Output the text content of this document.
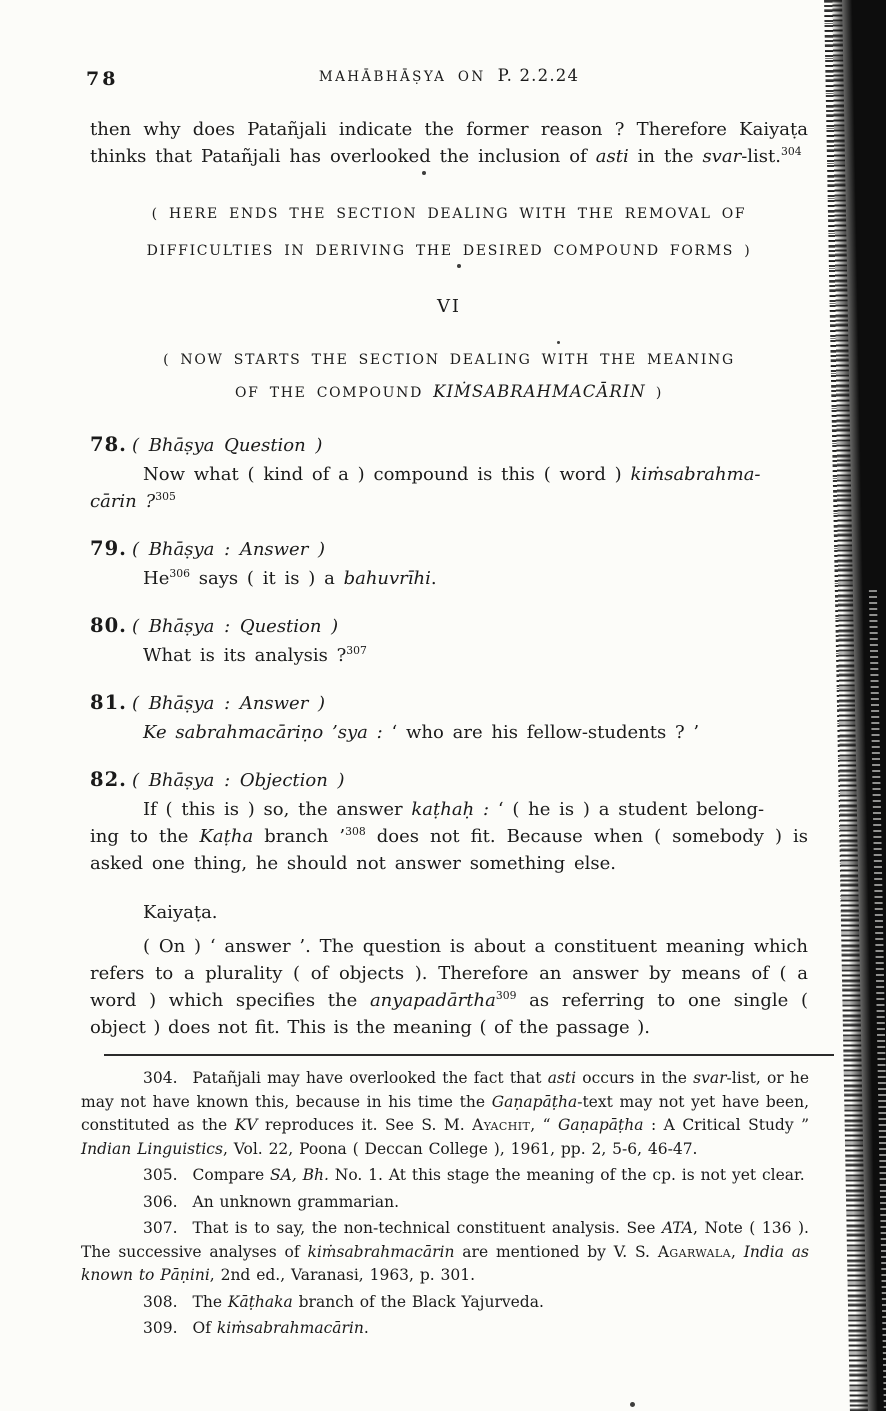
78	MAHĀBHĀṢYA ON P. 2.2.24

then why does Patañjali indicate the former reason ? Therefore Kaiyaṭa thinks that Patañjali has overlooked the inclusion of asti in the svar-list.$^{304}$

( HERE ENDS THE SECTION DEALING WITH THE REMOVAL OF
DIFFICULTIES IN DERIVING THE DESIRED COMPOUND FORMS )
VI
( NOW STARTS THE SECTION DEALING WITH THE MEANING
OF THE COMPOUND KIṀSABRAHMACĀRIN )
78. ( Bhāṣya Question )

Now what ( kind of a ) compound is this ( word ) kiṁsabrahma-
cārin ?$^{305}$

79. ( Bhāṣya : Answer )

He$^{306}$ says ( it is ) a bahuvrīhi.

80. ( Bhāṣya : Question )

What is its analysis ?$^{307}$

81. ( Bhāṣya : Answer )

Ke sabrahmacāriṇo ’sya : ‘ who are his fellow-students ? ’

82. ( Bhāṣya : Objection )

If ( this is ) so, the answer kaṭhaḥ : ‘ ( he is ) a student belong-
ing to the Kaṭha branch ’$^{308}$ does not fit. Because when ( somebody ) is asked one thing, he should not answer something else.

Kaiyaṭa.

( On ) ‘ answer ’. The question is about a constituent meaning which refers to a plurality ( of objects ). Therefore an answer by means of ( a word ) which specifies the anyapadārtha$^{309}$ as referring to one single ( object ) does not fit. This is the meaning ( of the passage ).

304. Patañjali may have overlooked the fact that asti occurs in the svar-list, or he may not have known this, because in his time the Gaṇapāṭha-text may not yet have been, constituted as the KV reproduces it. See S. M. Ayachit, “ Gaṇapāṭha : A Critical Study ” Indian Linguistics, Vol. 22, Poona ( Deccan College ), 1961, pp. 2, 5-6, 46-47.

305. Compare SA, Bh. No. 1. At this stage the meaning of the cp. is not yet clear.

306. An unknown grammarian.

307. That is to say, the non-technical constituent analysis. See ATA, Note ( 136 ). The successive analyses of kiṁsabrahmacārin are mentioned by V. S. Agarwala, India as known to Pāṇini, 2nd ed., Varanasi, 1963, p. 301.

308. The Kāṭhaka branch of the Black Yajurveda.

309. Of kiṁsabrahmacārin.
